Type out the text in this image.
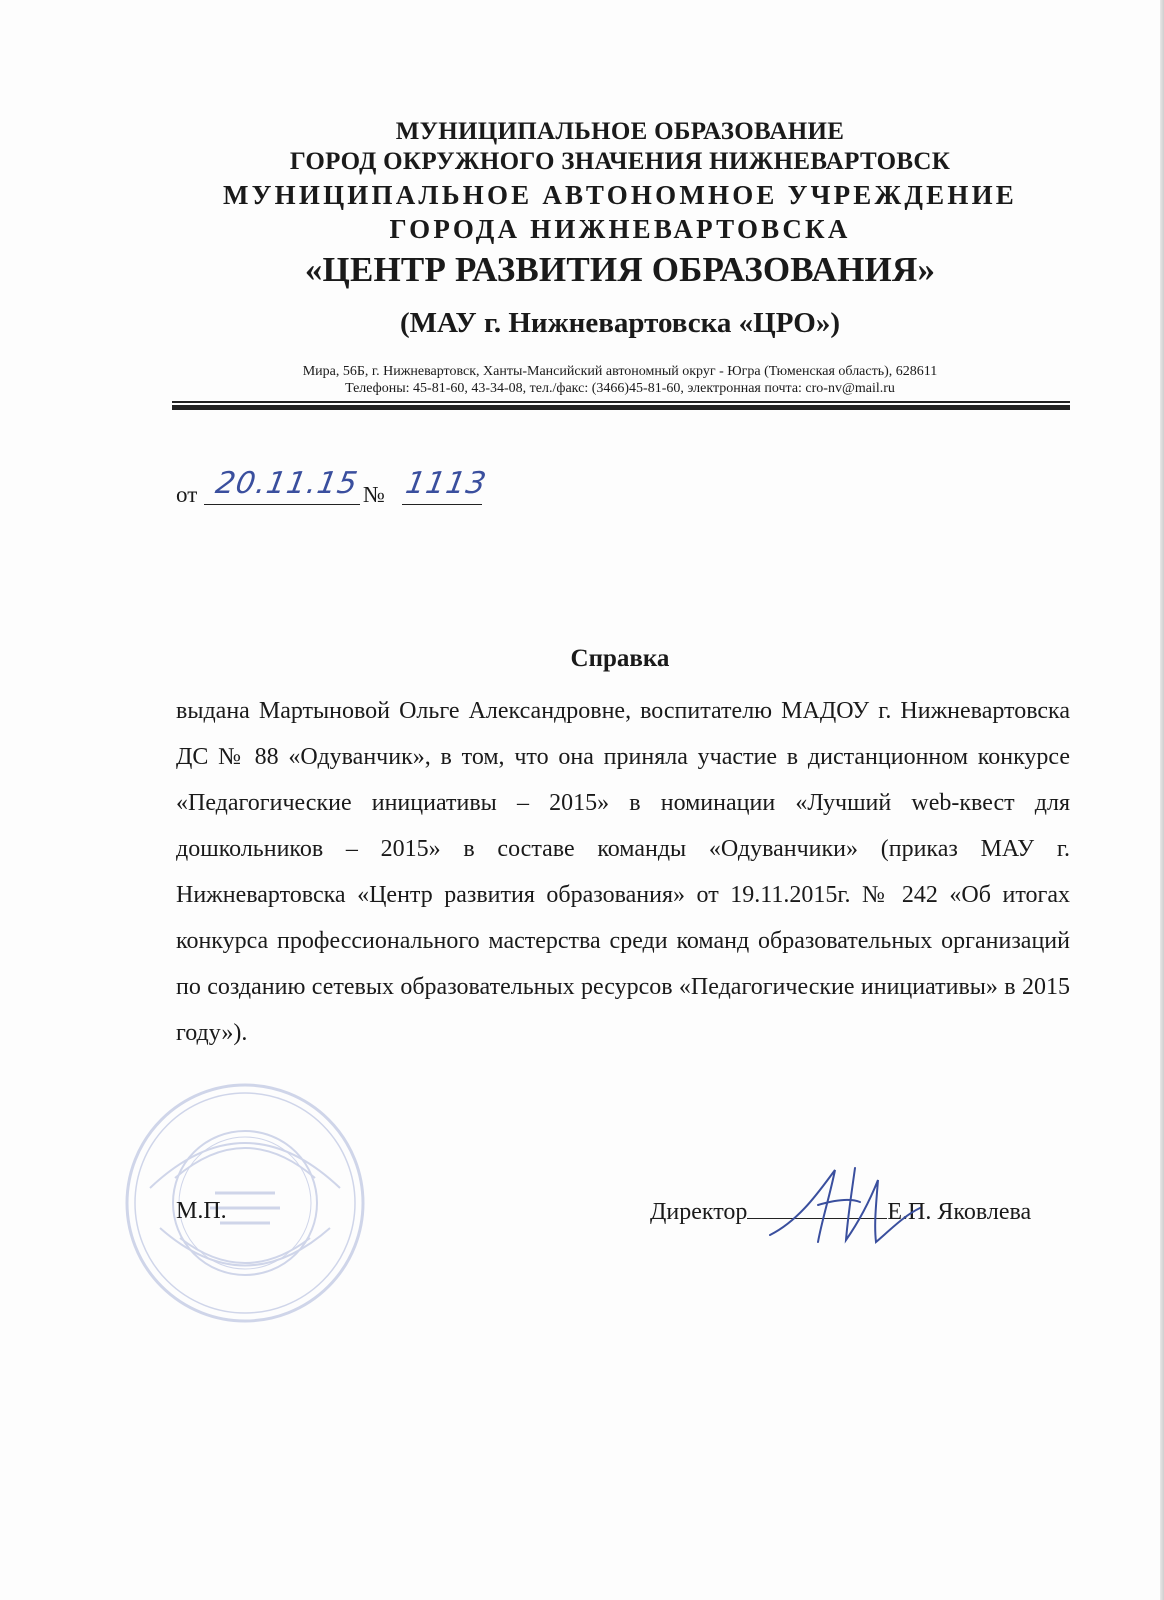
МУНИЦИПАЛЬНОЕ ОБРАЗОВАНИЕ
ГОРОД ОКРУЖНОГО ЗНАЧЕНИЯ НИЖНЕВАРТОВСК
МУНИЦИПАЛЬНОЕ АВТОНОМНОЕ УЧРЕЖДЕНИЕ
ГОРОДА НИЖНЕВАРТОВСКА
«ЦЕНТР РАЗВИТИЯ ОБРАЗОВАНИЯ»
(МАУ г. Нижневартовска «ЦРО»)
Мира, 56Б, г. Нижневартовск, Ханты-Мансийский автономный округ - Югра (Тюменская область), 628611
Телефоны: 45-81-60, 43-34-08, тел./факс: (3466)45-81-60, электронная почта: cro-nv@mail.ru
от 20.11.15 № 1113
Справка
выдана Мартыновой Ольге Александровне, воспитателю МАДОУ г. Нижневартовска ДС № 88 «Одуванчик», в том, что она приняла участие в дистанционном конкурсе «Педагогические инициативы – 2015» в номинации «Лучший web-квест для дошкольников – 2015» в составе команды «Одуванчики» (приказ МАУ г. Нижневартовска «Центр развития образования» от 19.11.2015г. № 242 «Об итогах конкурса профессионального мастерства среди команд образовательных организаций по созданию сетевых образовательных ресурсов «Педагогические инициативы» в 2015 году»).
М.П.	Директор	Е.П. Яковлева
